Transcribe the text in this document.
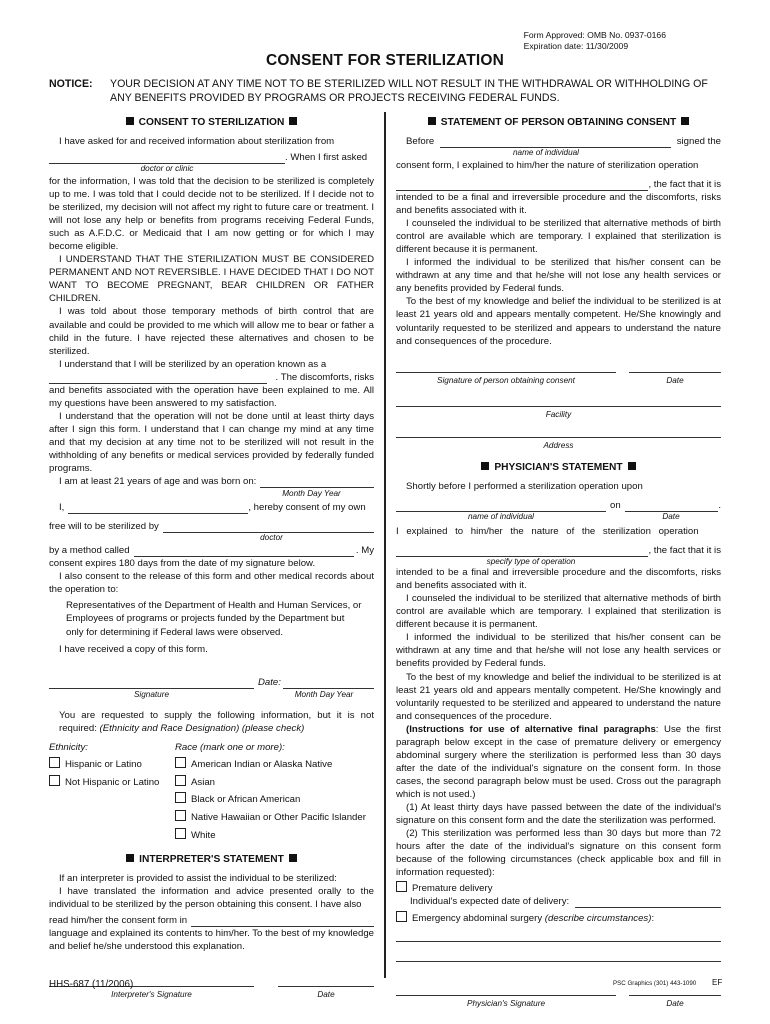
Form Approved: OMB No. 0937-0166
Expiration date: 11/30/2009
CONSENT FOR STERILIZATION
NOTICE: YOUR DECISION AT ANY TIME NOT TO BE STERILIZED WILL NOT RESULT IN THE WITHDRAWAL OR WITHHOLDING OF ANY BENEFITS PROVIDED BY PROGRAMS OR PROJECTS RECEIVING FEDERAL FUNDS.
CONSENT TO STERILIZATION

I have asked for and received information about sterilization from

. When I first asked
doctor or clinic

for the information, I was told that the decision to be sterilized is completely up to me. I was told that I could decide not to be sterilized. If I decide not to be sterilized, my decision will not affect my right to future care or treatment. I will not lose any help or benefits from programs receiving Federal Funds, such as A.F.D.C. or Medicaid that I am now getting or for which I may become eligible.

I UNDERSTAND THAT THE STERILIZATION MUST BE CONSIDERED PERMANENT AND NOT REVERSIBLE. I HAVE DECIDED THAT I DO NOT WANT TO BECOME PREGNANT, BEAR CHILDREN OR FATHER CHILDREN.

I was told about those temporary methods of birth control that are available and could be provided to me which will allow me to bear or father a child in the future. I have rejected these alternatives and chosen to be sterilized.

I understand that I will be sterilized by an operation known as a

. The discomforts, risks

and benefits associated with the operation have been explained to me. All my questions have been answered to my satisfaction.

I understand that the operation will not be done until at least thirty days after I sign this form. I understand that I can change my mind at any time and that my decision at any time not to be sterilized will not result in the withholding of any benefits or medical services provided by federally funded programs.

I am at least 21 years of age and was born on:
Month Day Year
I,	, hereby consent of my own
free will to be sterilized by
doctor
by a method called	. My

consent expires 180 days from the date of my signature below.

I also consent to the release of this form and other medical records about the operation to:

Representatives of the Department of Health and Human Services, or Employees of programs or projects funded by the Department but only for determining if Federal laws were observed.

I have received a copy of this form.

Date:
Signature	Month Day Year

You are requested to supply the following information, but it is not required: (Ethnicity and Race Designation) (please check)

Ethnicity:
Hispanic or Latino
Not Hispanic or Latino
Race (mark one or more):
American Indian or Alaska Native
Asian
Black or African American
Native Hawaiian or Other Pacific Islander
White
INTERPRETER'S STATEMENT

If an interpreter is provided to assist the individual to be sterilized:

I have translated the information and advice presented orally to the individual to be sterilized by the person obtaining this consent. I have also

read him/her the consent form in

language and explained its contents to him/her. To the best of my knowledge and belief he/she understood this explanation.

Interpreter's Signature	Date
STATEMENT OF PERSON OBTAINING CONSENT
Before	signed the
name of individual

consent form, I explained to him/her the nature of sterilization operation

, the fact that it is

intended to be a final and irreversible procedure and the discomforts, risks and benefits associated with it.

I counseled the individual to be sterilized that alternative methods of birth control are available which are temporary. I explained that sterilization is different because it is permanent.

I informed the individual to be sterilized that his/her consent can be withdrawn at any time and that he/she will not lose any health services or any benefits provided by Federal funds.

To the best of my knowledge and belief the individual to be sterilized is at least 21 years old and appears mentally competent. He/She knowingly and voluntarily requested to be sterilized and appears to understand the nature and consequences of the procedure.

Signature of person obtaining consent	Date
Facility
Address
PHYSICIAN'S STATEMENT

Shortly before I performed a sterilization operation upon

on	.
name of individual	Date

I explained to him/her the nature of the sterilization operation

, the fact that it is
specify type of operation

intended to be a final and irreversible procedure and the discomforts, risks and benefits associated with it.

I counseled the individual to be sterilized that alternative methods of birth control are available which are temporary. I explained that sterilization is different because it is permanent.

I informed the individual to be sterilized that his/her consent can be withdrawn at any time and that he/she will not lose any health services or benefits provided by Federal funds.

To the best of my knowledge and belief the individual to be sterilized is at least 21 years old and appears mentally competent. He/She knowingly and voluntarily requested to be sterilized and appeared to understand the nature and consequences of the procedure.

(Instructions for use of alternative final paragraphs: Use the first paragraph below except in the case of premature delivery or emergency abdominal surgery where the sterilization is performed less than 30 days after the date of the individual's signature on the consent form. In those cases, the second paragraph below must be used. Cross out the paragraph which is not used.)

(1) At least thirty days have passed between the date of the individual's signature on this consent form and the date the sterilization was performed.

(2) This sterilization was performed less than 30 days but more than 72 hours after the date of the individual's signature on this consent form because of the following circumstances (check applicable box and fill in information requested):

Premature delivery
Individual's expected date of delivery:
Emergency abdominal surgery (describe circumstances):
Physician's Signature	Date
HHS-687 (11/2006)	PSC Graphics (301) 443-1090 EF
